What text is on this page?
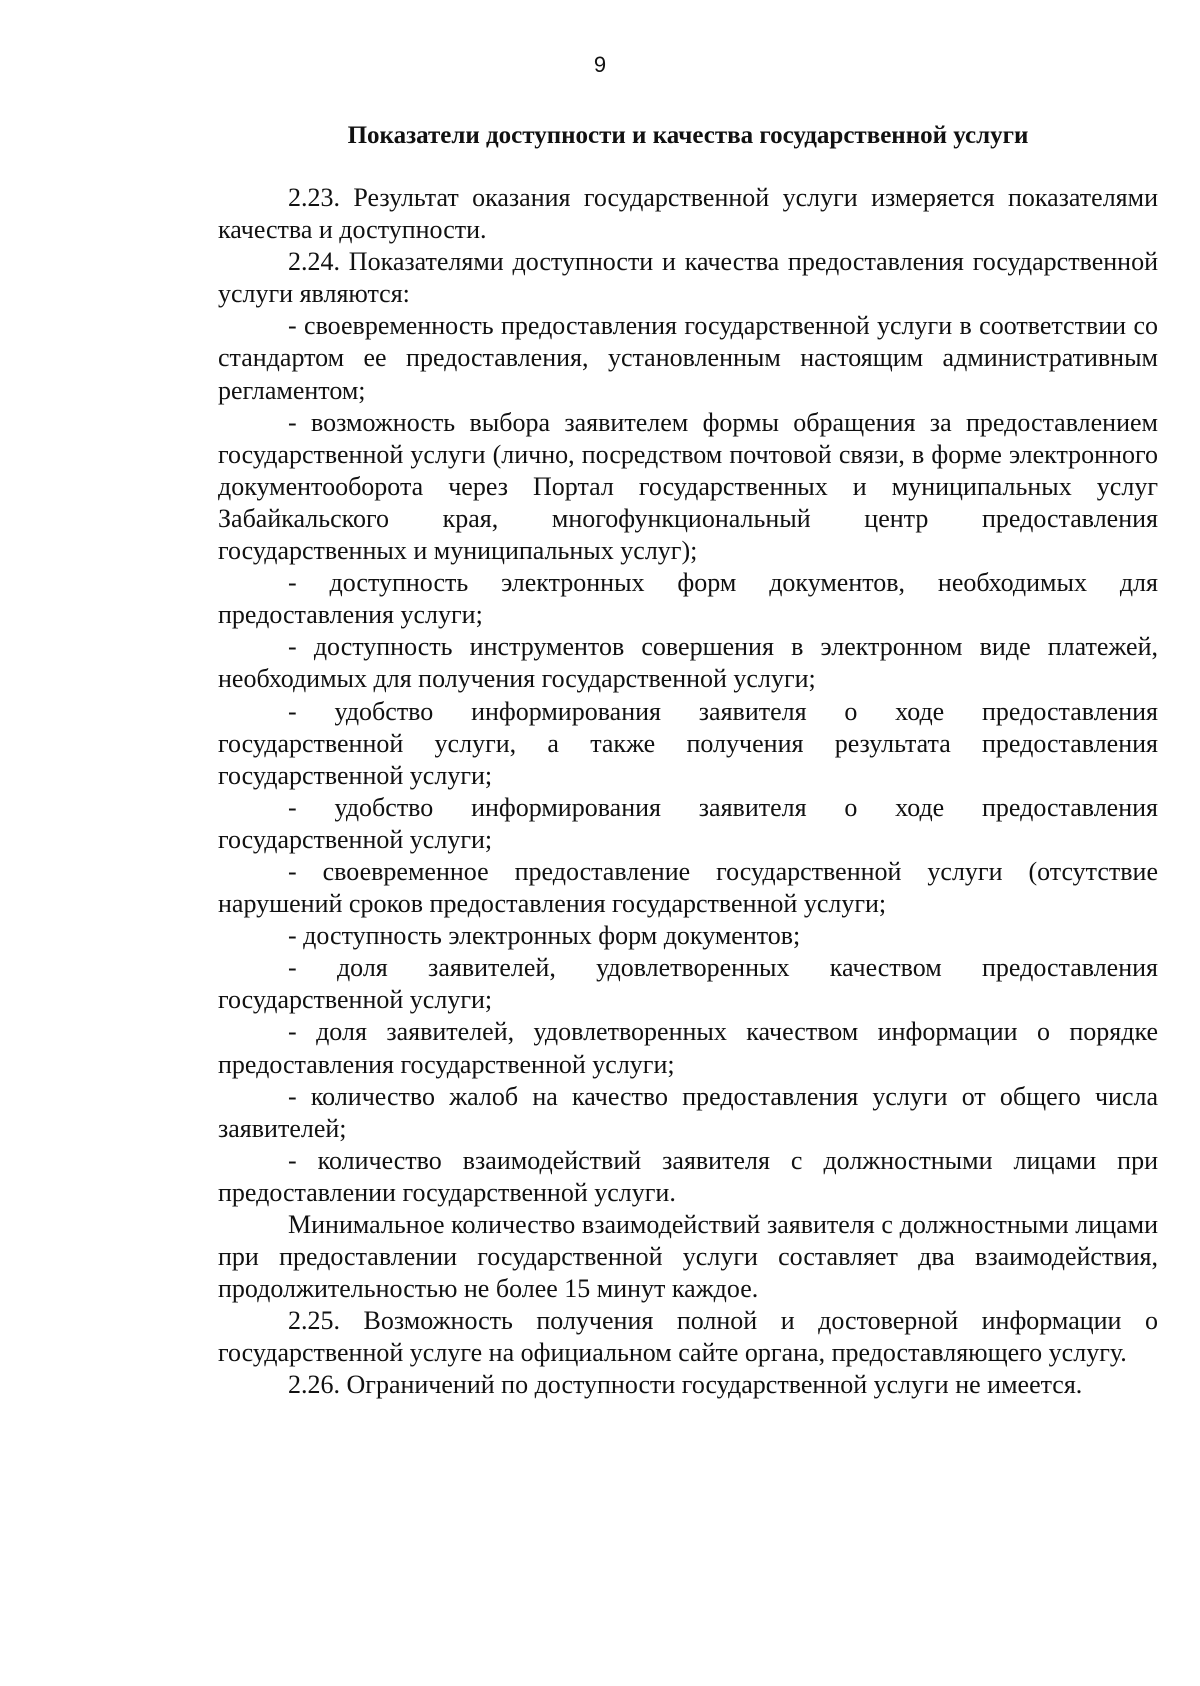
9
Показатели доступности и качества государственной услуги

2.23. Результат оказания государственной услуги измеряется показателями качества и доступности.

2.24. Показателями доступности и качества предоставления государственной услуги являются:

- своевременность предоставления государственной услуги в соответствии со стандартом ее предоставления, установленным настоящим административным регламентом;

- возможность выбора заявителем формы обращения за предоставлением государственной услуги (лично, посредством почтовой связи, в форме электронного документооборота через Портал государственных и муниципальных услуг Забайкальского края, многофункциональный центр предоставления государственных и муниципальных услуг);

- доступность электронных форм документов, необходимых для предоставления услуги;

- доступность инструментов совершения в электронном виде платежей, необходимых для получения государственной услуги;

- удобство информирования заявителя о ходе предоставления государственной услуги, а также получения результата предоставления государственной услуги;

- удобство информирования заявителя о ходе предоставления государственной услуги;

- своевременное предоставление государственной услуги (отсутствие нарушений сроков предоставления государственной услуги;

- доступность электронных форм документов;

- доля заявителей, удовлетворенных качеством предоставления государственной услуги;

- доля заявителей, удовлетворенных качеством информации о порядке предоставления государственной услуги;

- количество жалоб на качество предоставления услуги от общего числа заявителей;

- количество взаимодействий заявителя с должностными лицами при предоставлении государственной услуги.

Минимальное количество взаимодействий заявителя с должностными лицами при предоставлении государственной услуги составляет два взаимодействия, продолжительностью не более 15 минут каждое.

2.25. Возможность получения полной и достоверной информации о государственной услуге на официальном сайте органа, предоставляющего услугу.

2.26. Ограничений по доступности государственной услуги не имеется.
